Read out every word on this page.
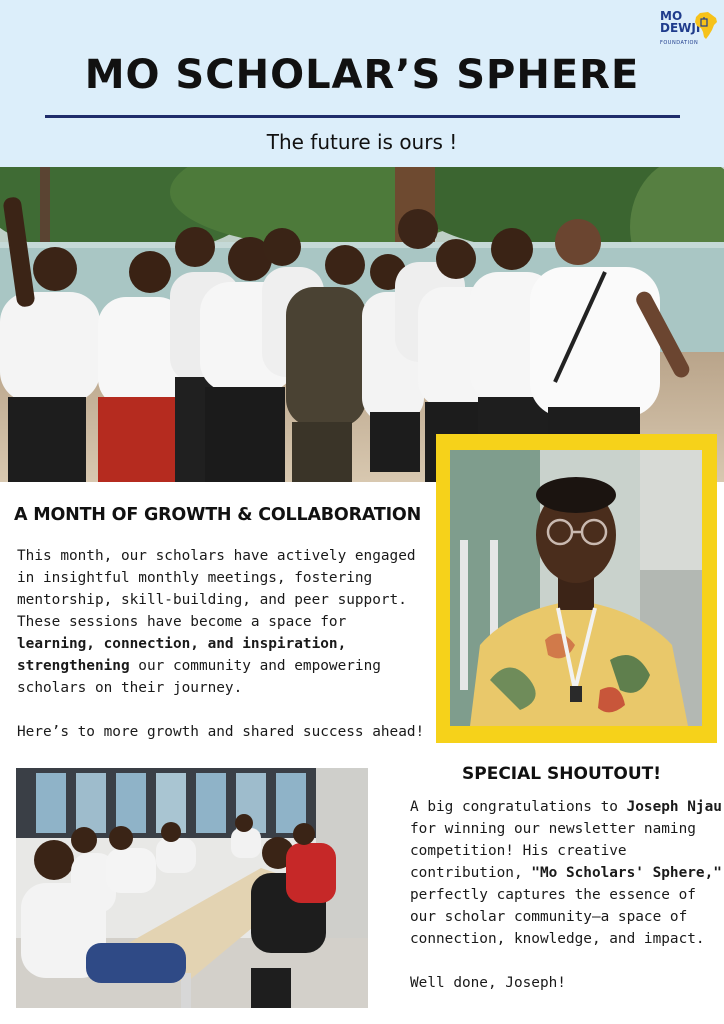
MO
DEWJI
FOUNDATION
MO SCHOLAR’S SPHERE
The future is ours !
A MONTH OF GROWTH & COLLABORATION

This month, our scholars have actively engaged in insightful monthly meetings, fostering mentorship, skill-building, and peer support. These sessions have become a space for learning, connection, and inspiration, strengthening our community and empowering scholars on their journey.

Here’s to more growth and shared success ahead!

SPECIAL SHOUTOUT!

A big congratulations to Joseph Njau for winning our newsletter naming competition! His creative contribution, "Mo Scholars' Sphere," perfectly captures the essence of our scholar community—a space of connection, knowledge, and impact.

Well done, Joseph!
